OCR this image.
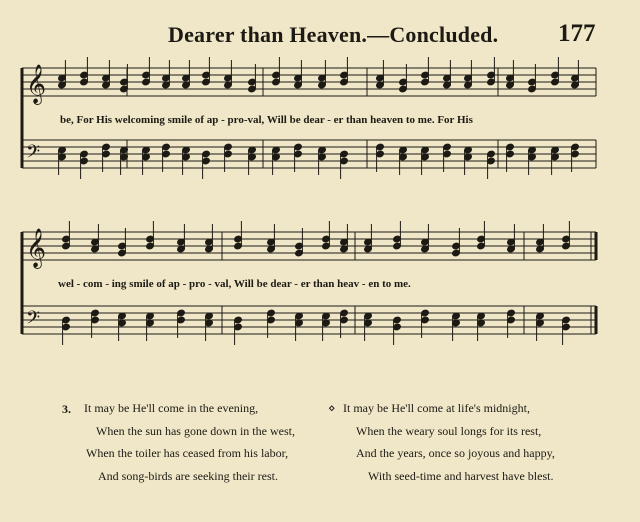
Dearer than Heaven.—Concluded. 177
𝄞
𝄢
𝄞
𝄢
be, For His welcoming smile of ap - pro-val, Will be dear - er than heaven to me. For His
wel - com - ing smile of ap - pro - val, Will be dear - er than heav - en to me.
3. It may be He'll come in the evening,
When the sun has gone down in the west,
When the toiler has ceased from his labor,
And song-birds are seeking their rest.
⋄ It may be He'll come at life's midnight,
When the weary soul longs for its rest,
And the years, once so joyous and happy,
With seed-time and harvest have blest.
